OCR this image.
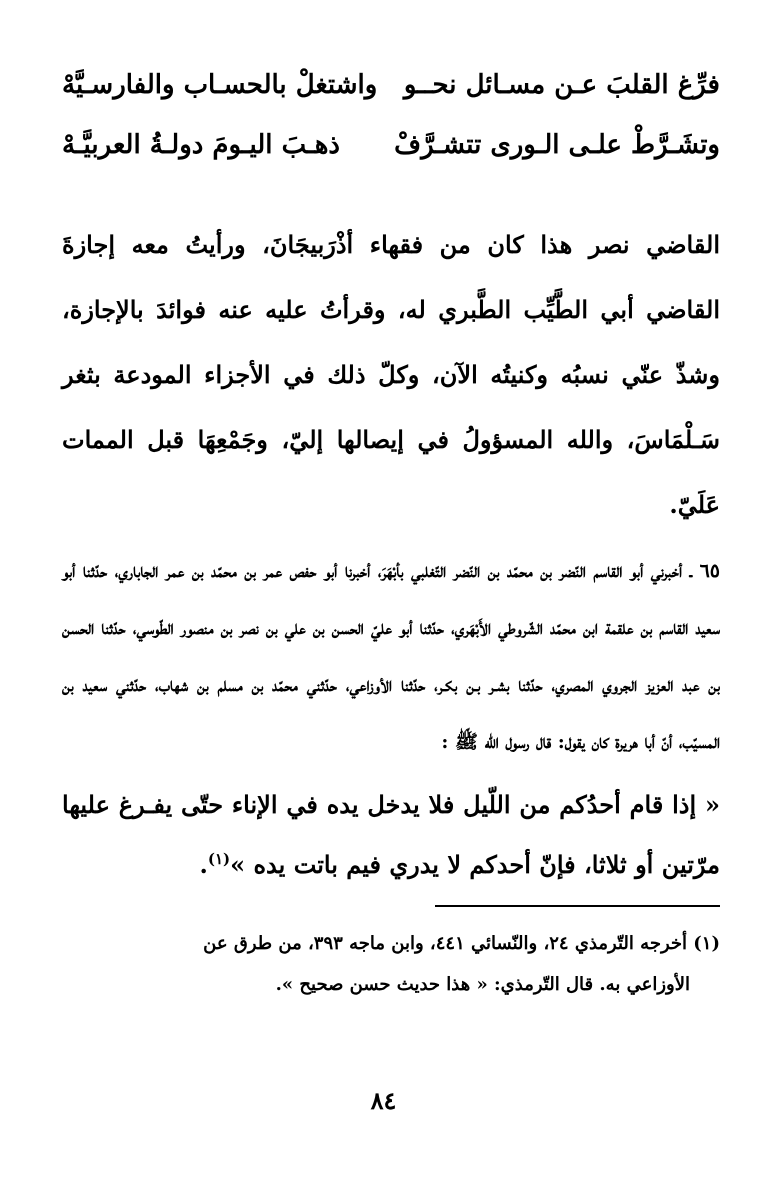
فرِّغ القلبَ عـن مسـائل نحــو
واشتغلْ بالحسـاب والفارسـيَّهْ
وتشَـرَّطْ علـى الـورى تتشـرَّفْ
ذهـبَ اليـومَ دولـةُ العربيَّـهْ
القاضي نصر هذا كان من فقهاء أذْرَبيجَانَ، ورأيتُ معه إجازةَ القاضي أبي الطَّيِّب الطَّبري له، وقرأتُ عليه عنه فوائدَ بالإجازة، وشذّ عنّي نسبُه وكنيتُه الآن، وكلّ ذلك في الأجزاء المودعة بثغر سَـلْمَاسَ، والله المسؤولُ في إيصالها إليّ، وجَمْعِهَا قبل الممات عَلَيّ.
٦٥ ـ أخبرني أبو القاسم النّضر بن محمّد بن النّضر التّغلبي بأبْهَرَ، أخبرنا أبو حفص عمر بن محمّد بن عمر الجاباري، حدّثنا أبو سعيد القاسم بن علقمة ابن محمّد الشّروطي الأَبْهَري، حدّثنا أبو عليّ الحسن بن علي بن نصر بن منصور الطّوسي، حدّثنا الحسن بن عبد العزيز الجروي المصري، حدّثنا بشـر بـن بكـر، حدّثنا الأوزاعي، حدّثني محمّد بن مسلم بن شهاب، حدّثني سعيد بن المسيّب، أنّ أبا هريرة كان يقول: قال رسول الله ﷺ :
« إذا قام أحدُكم من اللّيل فلا يدخل يده في الإناء حتّى يفـرغ عليها مرّتين أو ثلاثا، فإنّ أحدكم لا يدري فيم باتت يده »$^{(١)}$.
(١) أخرجه التّرمذي ٢٤، والنّسائي ٤٤١، وابن ماجه ٣٩٣، من طرق عن
الأوزاعي به. قال التّرمذي: « هذا حديث حسن صحيح ».
٨٤
